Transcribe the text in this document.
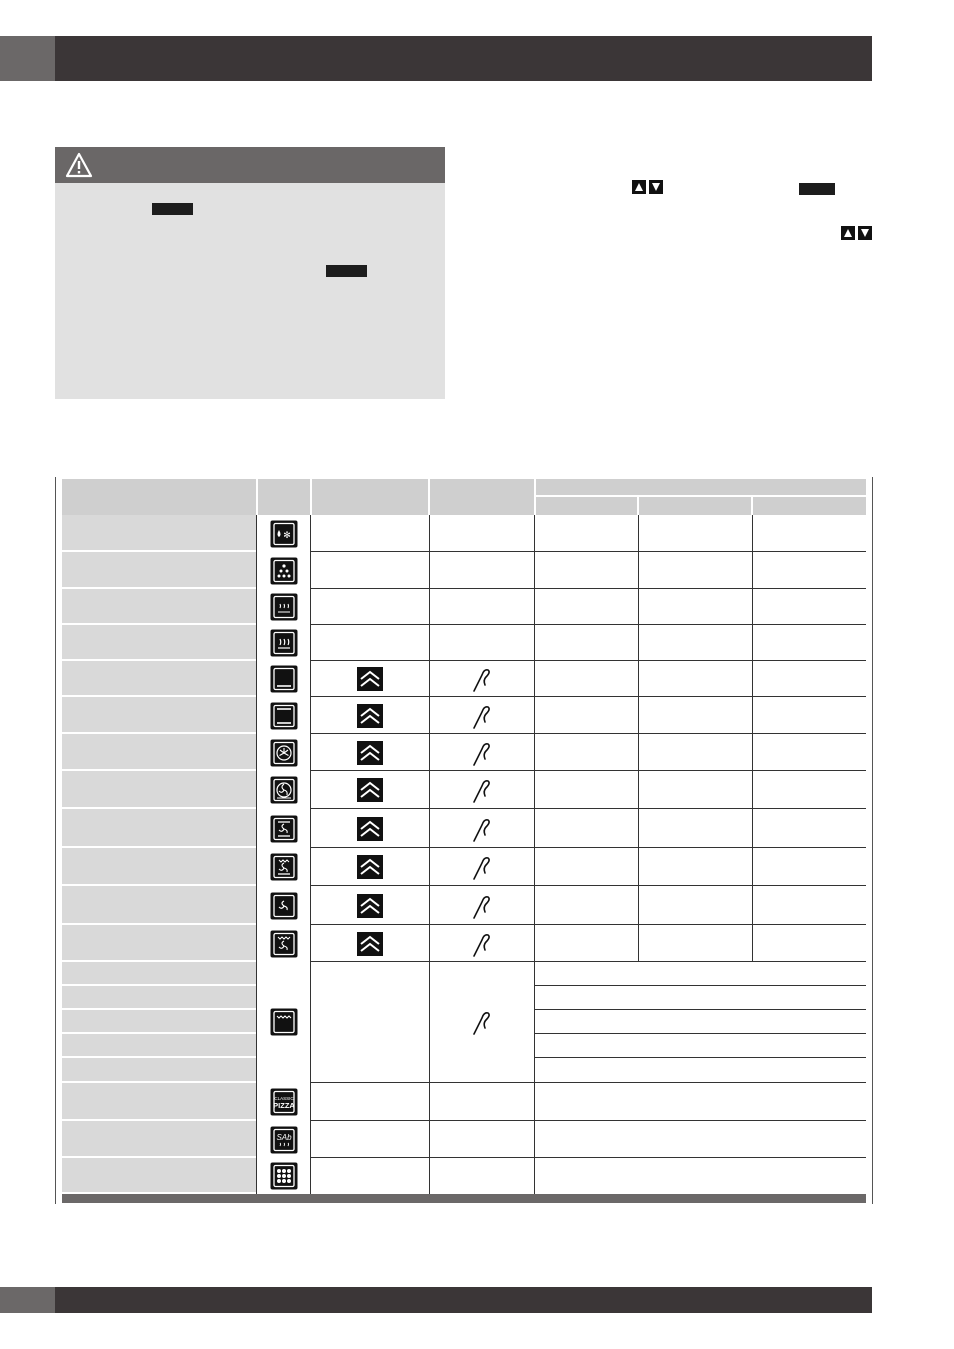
✻
CLASSIC
PIZZA
SAb
